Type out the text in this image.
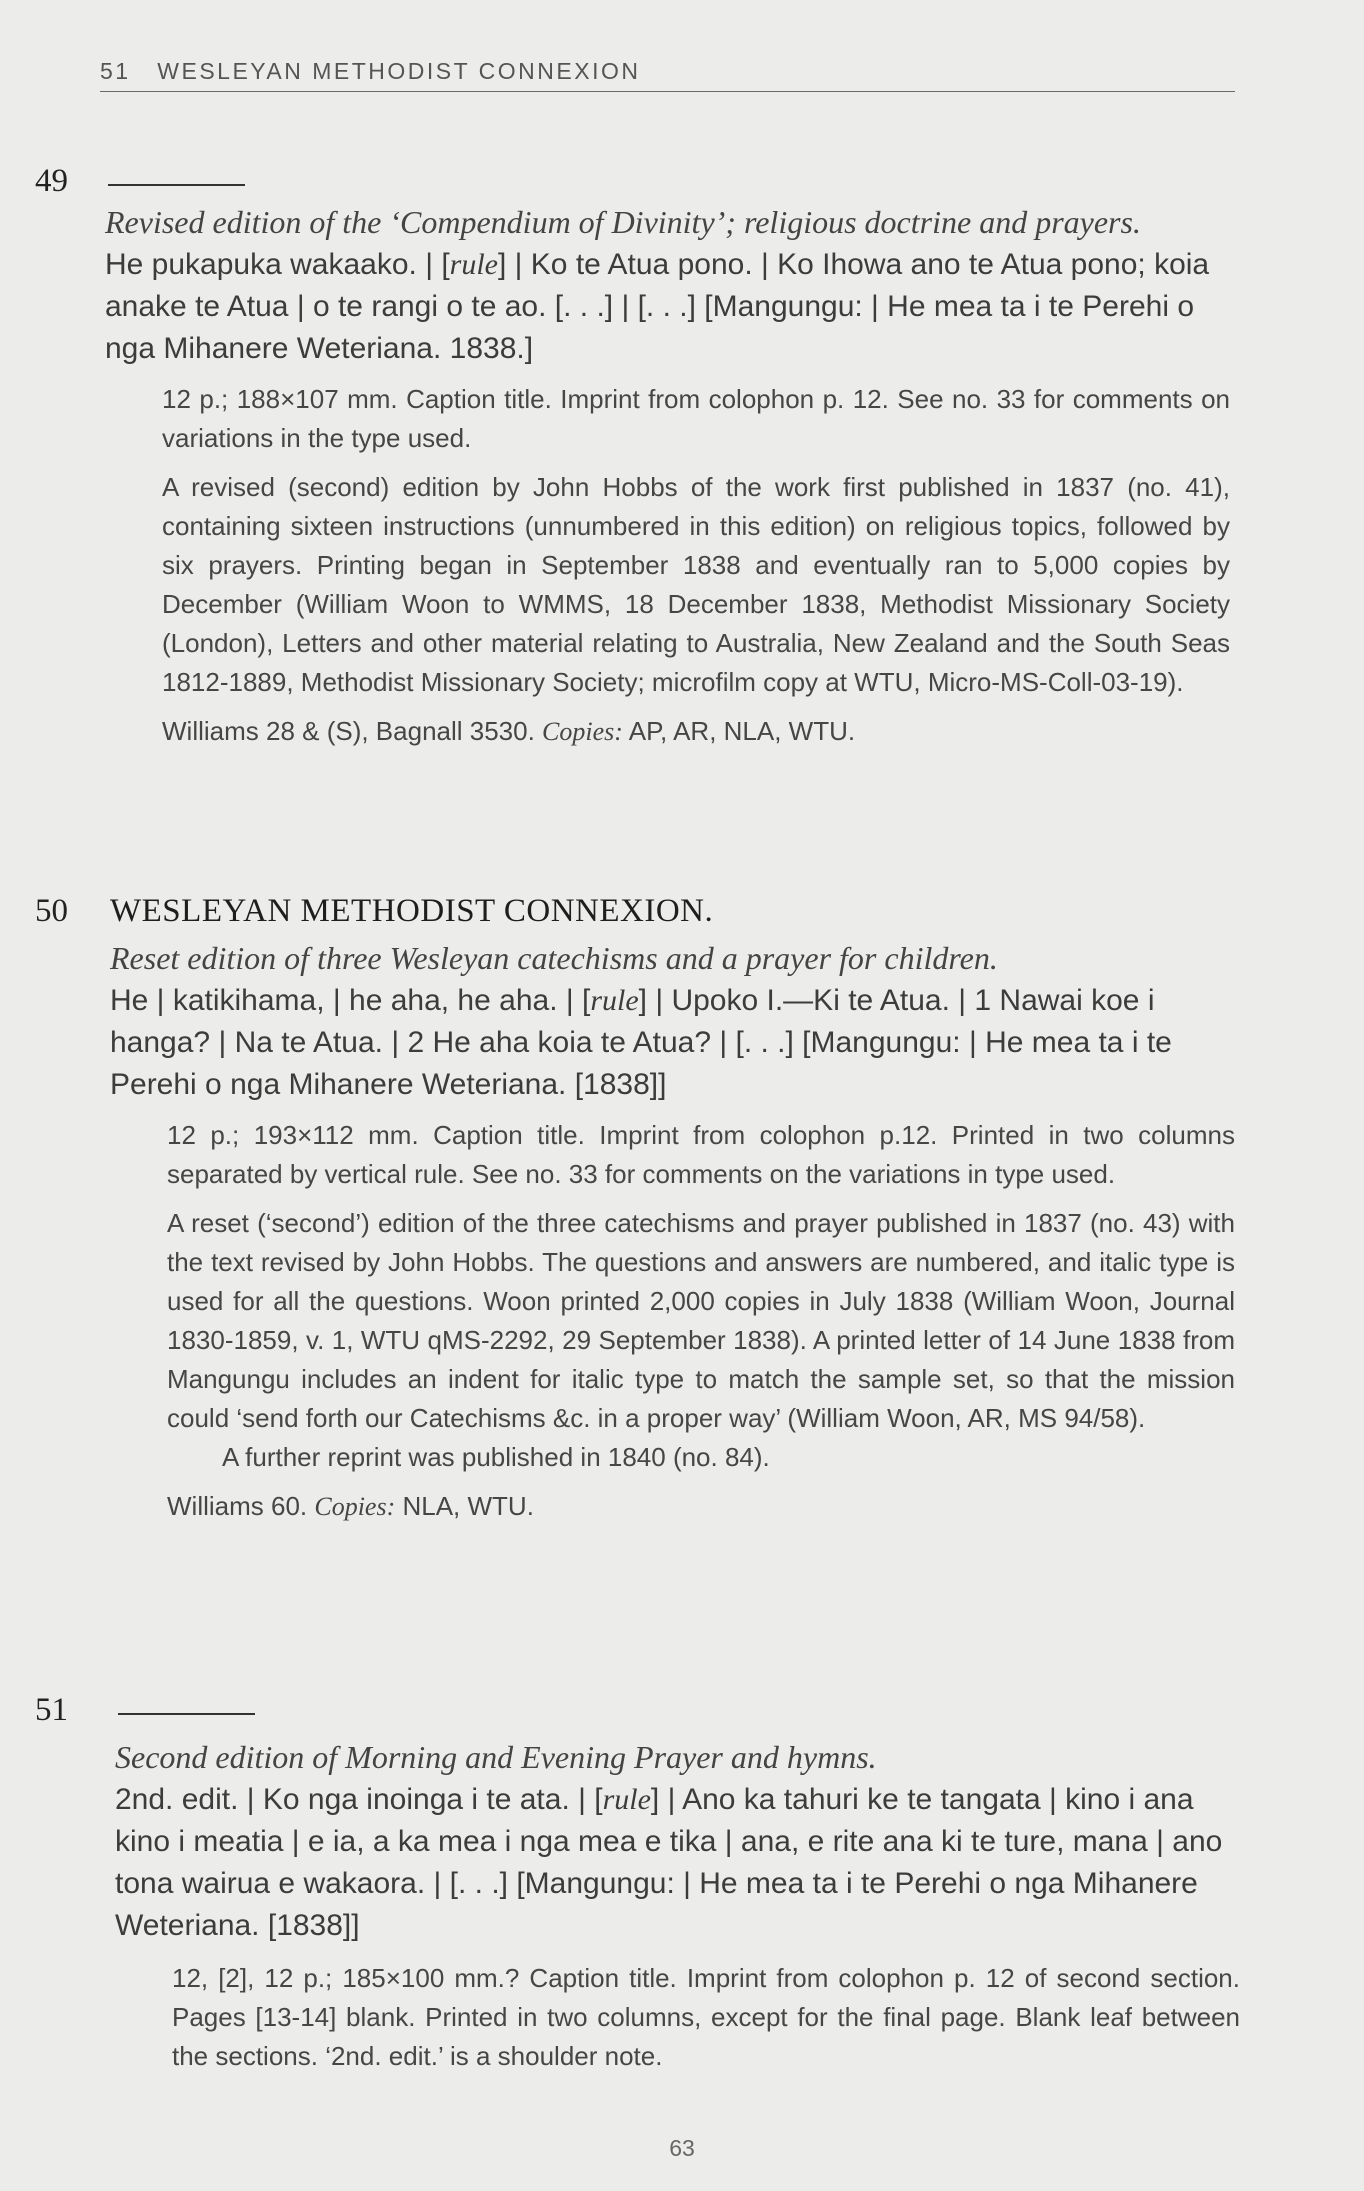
51 WESLEYAN METHODIST CONNEXION
49

Revised edition of the ‘Compendium of Divinity’; religious doctrine and prayers.

He pukapuka wakaako. | [rule] | Ko te Atua pono. | Ko Ihowa ano te Atua pono; koia anake te Atua | o te rangi o te ao. [. . .] | [. . .] [Mangungu: | He mea ta i te Perehi o nga Mihanere Weteriana. 1838.]

12 p.; 188×107 mm. Caption title. Imprint from colophon p. 12. See no. 33 for comments on variations in the type used.

A revised (second) edition by John Hobbs of the work first published in 1837 (no. 41), containing sixteen instructions (unnumbered in this edition) on religious topics, followed by six prayers. Printing began in September 1838 and eventually ran to 5,000 copies by December (William Woon to WMMS, 18 December 1838, Methodist Missionary Society (London), Letters and other material relating to Australia, New Zealand and the South Seas 1812-1889, Methodist Missionary Society; microfilm copy at WTU, Micro-MS-Coll-03-19).

Williams 28 & (S), Bagnall 3530. Copies: AP, AR, NLA, WTU.

50 WESLEYAN METHODIST CONNEXION.

Reset edition of three Wesleyan catechisms and a prayer for children.

He | katikihama, | he aha, he aha. | [rule] | Upoko I.—Ki te Atua. | 1 Nawai koe i hanga? | Na te Atua. | 2 He aha koia te Atua? | [. . .] [Mangungu: | He mea ta i te Perehi o nga Mihanere Weteriana. [1838]]

12 p.; 193×112 mm. Caption title. Imprint from colophon p.12. Printed in two columns separated by vertical rule. See no. 33 for comments on the variations in type used.

A reset (‘second’) edition of the three catechisms and prayer published in 1837 (no. 43) with the text revised by John Hobbs. The questions and answers are numbered, and italic type is used for all the questions. Woon printed 2,000 copies in July 1838 (William Woon, Journal 1830-1859, v. 1, WTU qMS-2292, 29 September 1838). A printed letter of 14 June 1838 from Mangungu includes an indent for italic type to match the sample set, so that the mission could ‘send forth our Catechisms &c. in a proper way’ (William Woon, AR, MS 94/58).

A further reprint was published in 1840 (no. 84).

Williams 60. Copies: NLA, WTU.

51

Second edition of Morning and Evening Prayer and hymns.

2nd. edit. | Ko nga inoinga i te ata. | [rule] | Ano ka tahuri ke te tangata | kino i ana kino i meatia | e ia, a ka mea i nga mea e tika | ana, e rite ana ki te ture, mana | ano tona wairua e wakaora. | [. . .] [Mangungu: | He mea ta i te Perehi o nga Mihanere Weteriana. [1838]]

12, [2], 12 p.; 185×100 mm.? Caption title. Imprint from colophon p. 12 of second section. Pages [13-14] blank. Printed in two columns, except for the final page. Blank leaf between the sections. ‘2nd. edit.’ is a shoulder note.

63
